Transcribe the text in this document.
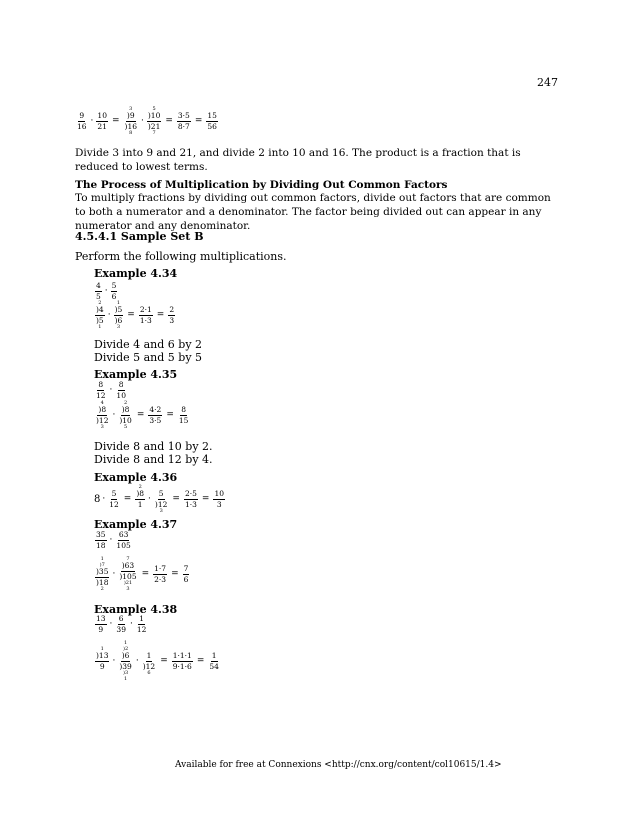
247
$\frac{9}{16} \cdot \frac{10}{21}$ =
3
)9
)16
8
·
5
)10
)21
7
= $\frac{3\cdot 5}{8\cdot 7} = \frac{15}{56}$
Divide 3 into 9 and 21, and divide 2 into 10 and 16. The product is a fraction that is reduced to lowest terms.
The Process of Multiplication by Dividing Out Common Factors
To multiply fractions by dividing out common factors, divide out factors that are common to both a numerator and a denominator. The factor being divided out can appear in any numerator and any denominator.
4.5.4.1 Sample Set B
Perform the following multiplications.
Example 4.34
$\frac{4}{5} \cdot \frac{5}{6}$
2
)4
)5
1
·
1
)5
)6
3
= $\frac{2\cdot 1}{1\cdot 3} = \frac{2}{3}$
Divide 4 and 6 by 2
Divide 5 and 5 by 5
Example 4.35
$\frac{8}{12} \cdot \frac{8}{10}$
4
)8
)12
3
·
2
)8
)10
5
= $\frac{4\cdot 2}{3\cdot 5} = \frac{8}{15}$
Divide 8 and 10 by 2.
Divide 8 and 12 by 4.
Example 4.36
$8 \cdot \frac{5}{12}$ =
2
)8
1
·

5
)12
3
= $\frac{2\cdot 5}{1\cdot 3} = \frac{10}{3}$
Example 4.37
$\frac{35}{18} \cdot \frac{63}{105}$
1
)7
)35
)18
2
·
7
)63
)105
)21
3
= $\frac{1\cdot 7}{2\cdot 3} = \frac{7}{6}$
Example 4.38
$\frac{13}{9} \cdot \frac{6}{39} \cdot \frac{1}{12}$
1
)13
9
·
1
)2
)6
)39
)3
1
·

1
)12
6
= $\frac{1\cdot 1\cdot 1}{9\cdot 1\cdot 6} = \frac{1}{54}$
Available for free at Connexions <http://cnx.org/content/col10615/1.4>
